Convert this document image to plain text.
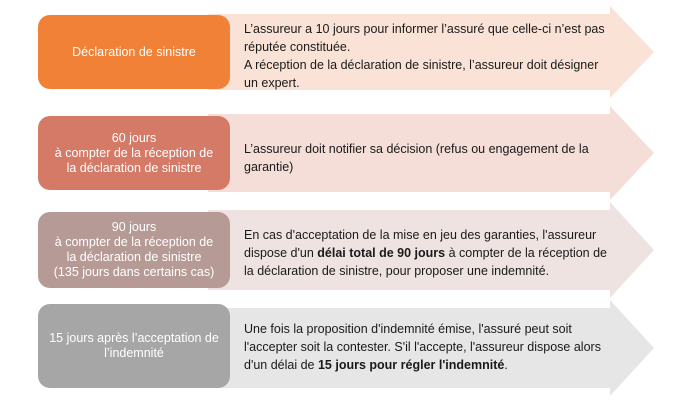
Déclaration de sinistre
L’assureur a 10 jours pour informer l’assuré que celle-ci n’est pas
réputée constituée.
A réception de la déclaration de sinistre, l’assureur doit désigner
un expert.
60 jours
à compter de la réception de
la déclaration de sinistre
L’assureur doit notifier sa décision (refus ou engagement de la
garantie)
90 jours
à compter de la réception de
la déclaration de sinistre
(135 jours dans certains cas)
En cas d'acceptation de la mise en jeu des garanties, l'assureur
dispose d'un délai total de 90 jours à compter de la réception de
la déclaration de sinistre, pour proposer une indemnité.
15 jours après l’acceptation de
l’indemnité
Une fois la proposition d'indemnité émise, l'assuré peut soit
l'accepter soit la contester. S'il l'accepte, l'assureur dispose alors
d'un délai de 15 jours pour régler l'indemnité.
